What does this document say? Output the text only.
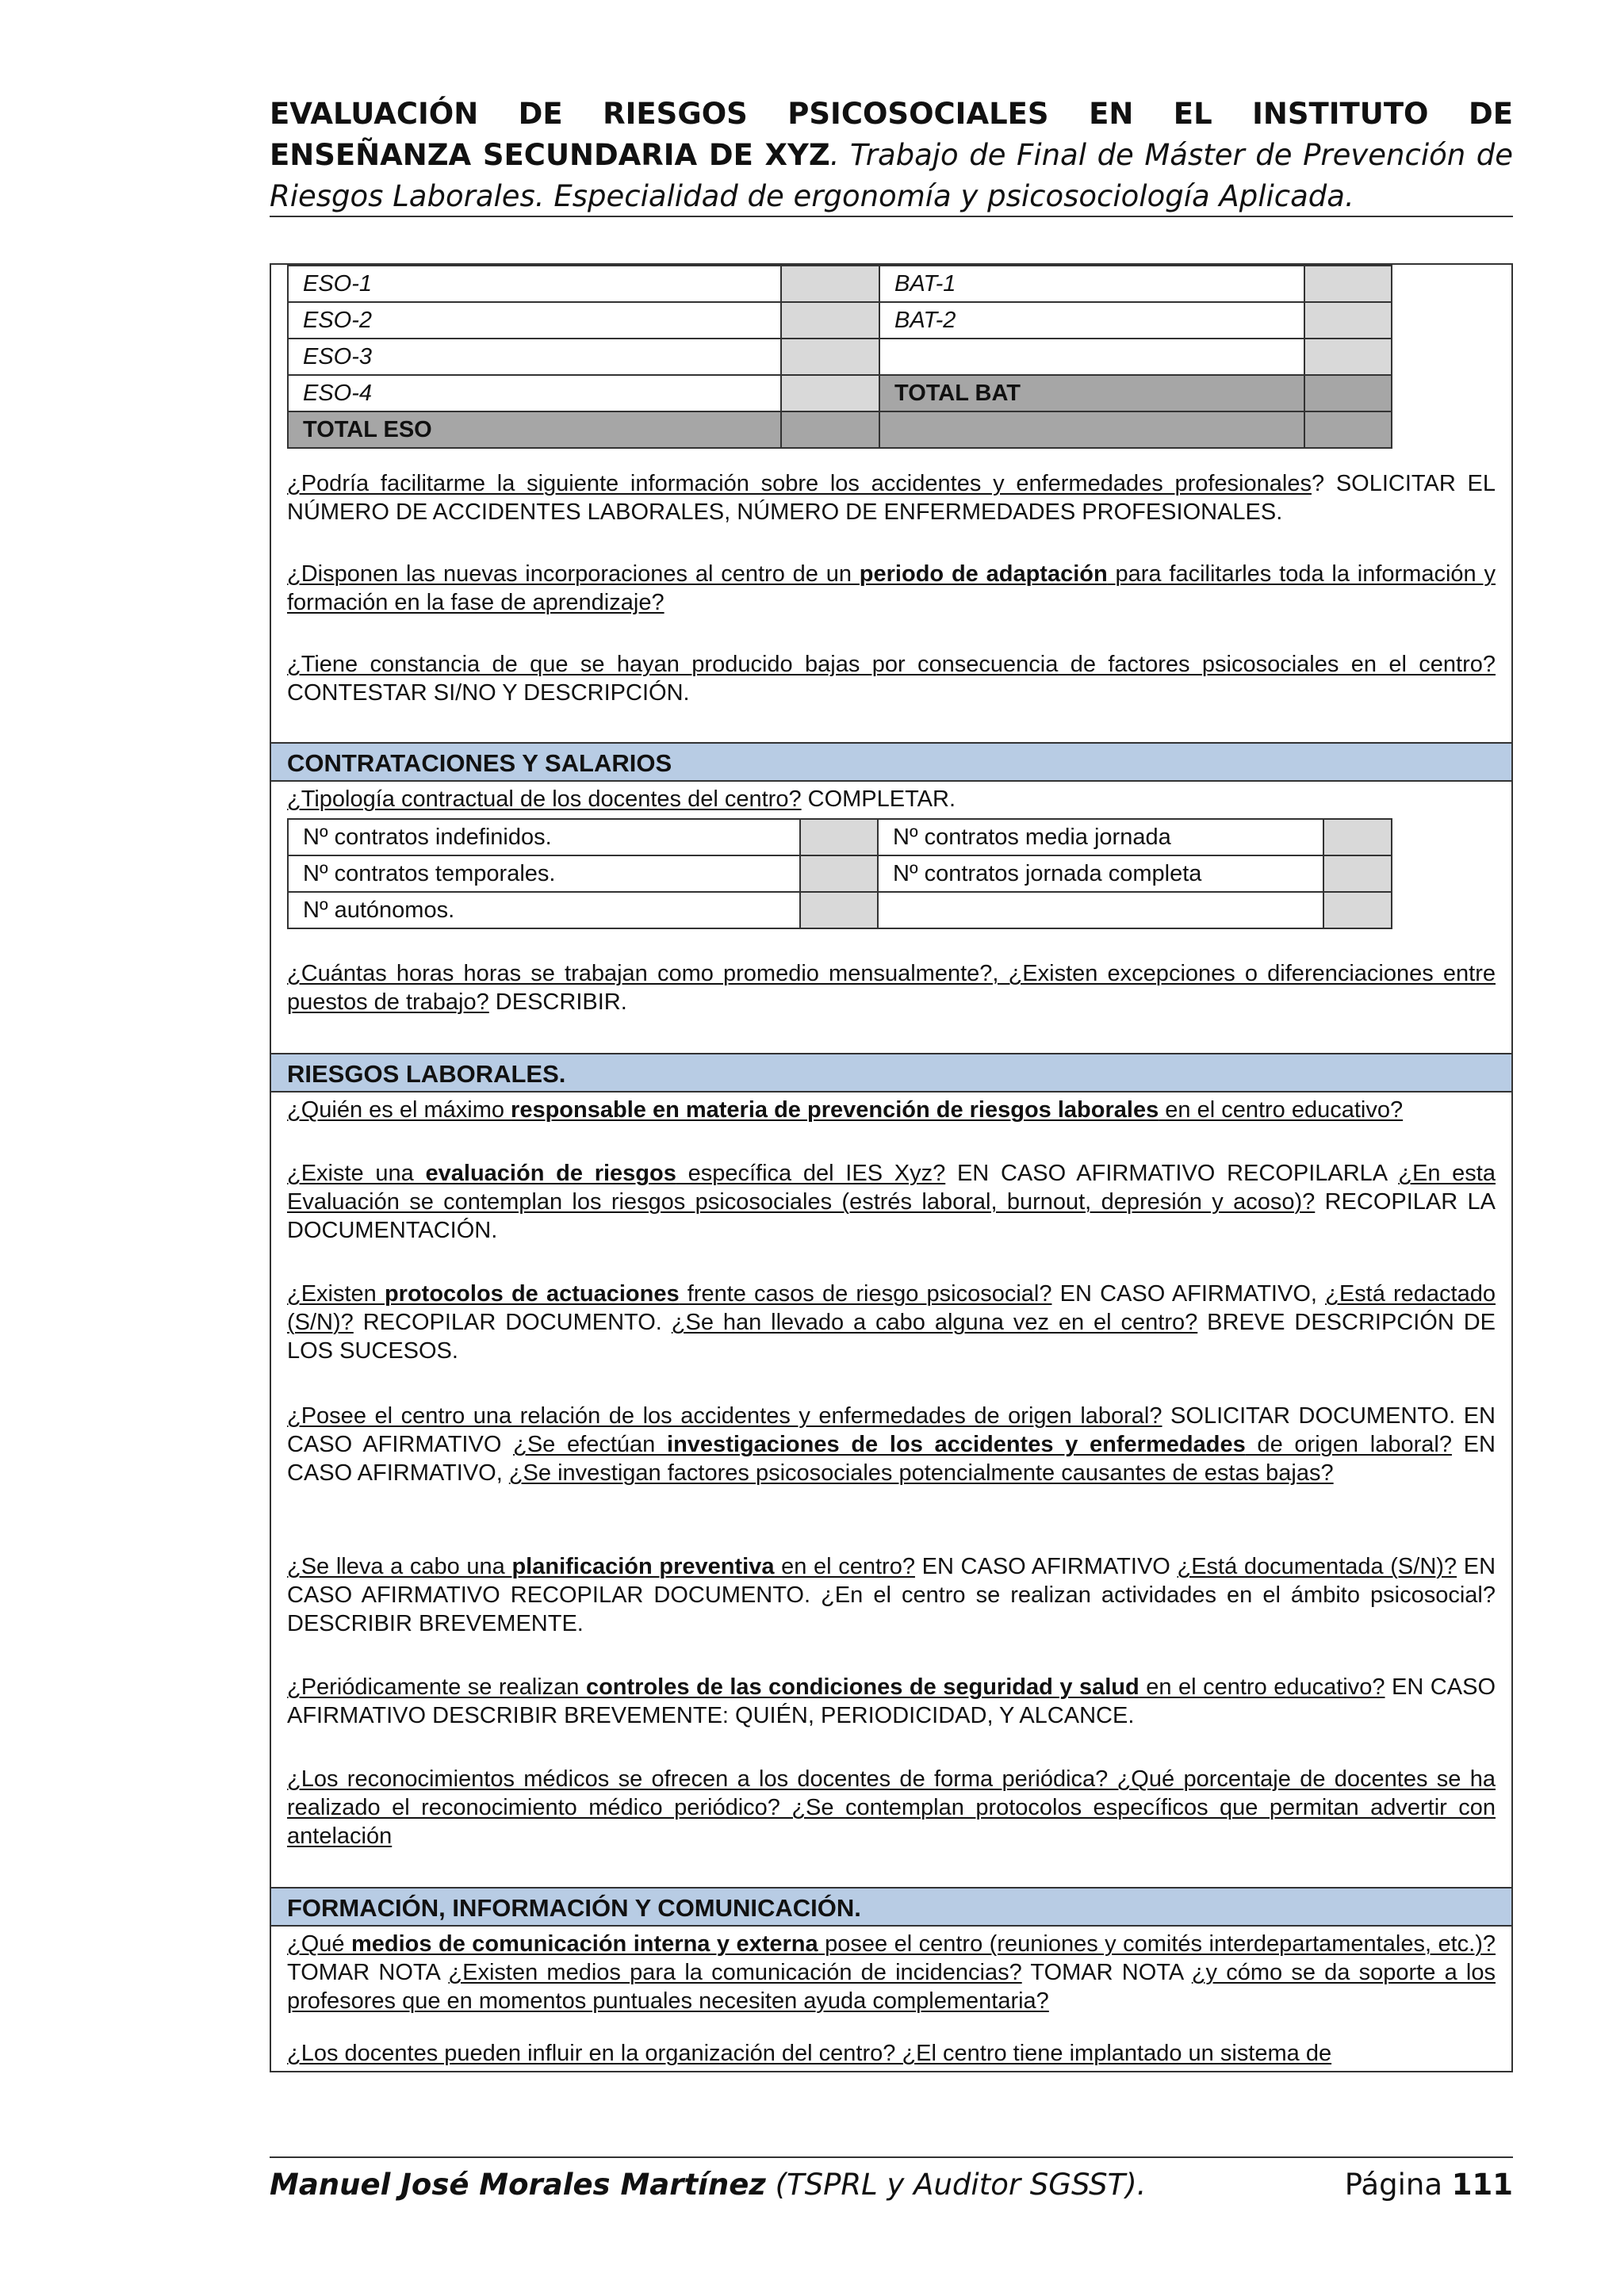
EVALUACIÓN DE RIESGOS PSICOSOCIALES EN EL INSTITUTO DE ENSEÑANZA SECUNDARIA DE XYZ. Trabajo de Final de Máster de Prevención de Riesgos Laborales. Especialidad de ergonomía y psicosociología Aplicada.
ESO-1		BAT-1	
ESO-2		BAT-2	
ESO-3			
ESO-4		TOTAL BAT	
TOTAL ESO			

¿Podría facilitarme la siguiente información sobre los accidentes y enfermedades profesionales? SOLICITAR EL NÚMERO DE ACCIDENTES LABORALES, NÚMERO DE ENFERMEDADES PROFESIONALES.

¿Disponen las nuevas incorporaciones al centro de un periodo de adaptación para facilitarles toda la información y formación en la fase de aprendizaje?

¿Tiene constancia de que se hayan producido bajas por consecuencia de factores psicosociales en el centro? CONTESTAR SI/NO Y DESCRIPCIÓN.

CONTRATACIONES Y SALARIOS

¿Tipología contractual de los docentes del centro? COMPLETAR.

Nº contratos indefinidos.		Nº contratos media jornada	
Nº contratos temporales.		Nº contratos jornada completa	
Nº autónomos.			

¿Cuántas horas horas se trabajan como promedio mensualmente?, ¿Existen excepciones o diferenciaciones entre puestos de trabajo? DESCRIBIR.

RIESGOS LABORALES.

¿Quién es el máximo responsable en materia de prevención de riesgos laborales en el centro educativo?

¿Existe una evaluación de riesgos específica del IES Xyz? EN CASO AFIRMATIVO RECOPILARLA ¿En esta Evaluación se contemplan los riesgos psicosociales (estrés laboral, burnout, depresión y acoso)? RECOPILAR LA DOCUMENTACIÓN.

¿Existen protocolos de actuaciones frente casos de riesgo psicosocial? EN CASO AFIRMATIVO, ¿Está redactado (S/N)? RECOPILAR DOCUMENTO. ¿Se han llevado a cabo alguna vez en el centro? BREVE DESCRIPCIÓN DE LOS SUCESOS.

¿Posee el centro una relación de los accidentes y enfermedades de origen laboral? SOLICITAR DOCUMENTO. EN CASO AFIRMATIVO ¿Se efectúan investigaciones de los accidentes y enfermedades de origen laboral? EN CASO AFIRMATIVO, ¿Se investigan factores psicosociales potencialmente causantes de estas bajas?

¿Se lleva a cabo una planificación preventiva en el centro? EN CASO AFIRMATIVO ¿Está documentada (S/N)? EN CASO AFIRMATIVO RECOPILAR DOCUMENTO. ¿En el centro se realizan actividades en el ámbito psicosocial? DESCRIBIR BREVEMENTE.

¿Periódicamente se realizan controles de las condiciones de seguridad y salud en el centro educativo? EN CASO AFIRMATIVO DESCRIBIR BREVEMENTE: QUIÉN, PERIODICIDAD, Y ALCANCE.

¿Los reconocimientos médicos se ofrecen a los docentes de forma periódica? ¿Qué porcentaje de docentes se ha realizado el reconocimiento médico periódico? ¿Se contemplan protocolos específicos que permitan advertir con antelación

FORMACIÓN, INFORMACIÓN Y COMUNICACIÓN.

¿Qué medios de comunicación interna y externa posee el centro (reuniones y comités interdepartamentales, etc.)? TOMAR NOTA ¿Existen medios para la comunicación de incidencias? TOMAR NOTA ¿y cómo se da soporte a los profesores que en momentos puntuales necesiten ayuda complementaria?

¿Los docentes pueden influir en la organización del centro? ¿El centro tiene implantado un sistema de

Manuel José Morales Martínez (TSPRL y Auditor SGSST).	Página 111
